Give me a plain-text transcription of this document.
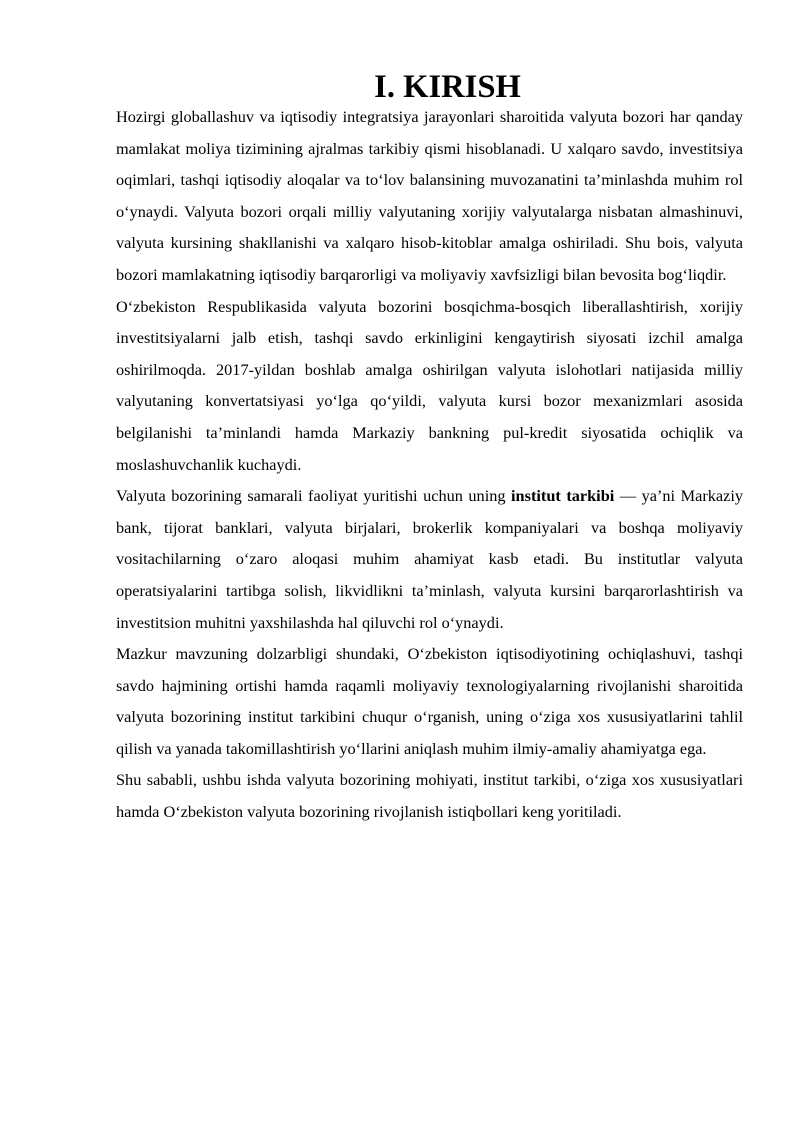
I. KIRISH

Hozirgi globallashuv va iqtisodiy integratsiya jarayonlari sharoitida valyuta bozori har qanday mamlakat moliya tizimining ajralmas tarkibiy qismi hisoblanadi. U xalqaro savdo, investitsiya oqimlari, tashqi iqtisodiy aloqalar va to‘lov balansining muvozanatini ta’minlashda muhim rol o‘ynaydi. Valyuta bozori orqali milliy valyutaning xorijiy valyutalarga nisbatan almashinuvi, valyuta kursining shakllanishi va xalqaro hisob-kitoblar amalga oshiriladi. Shu bois, valyuta bozori mamlakatning iqtisodiy barqarorligi va moliyaviy xavfsizligi bilan bevosita bog‘liqdir.

O‘zbekiston Respublikasida valyuta bozorini bosqichma-bosqich liberallashtirish, xorijiy investitsiyalarni jalb etish, tashqi savdo erkinligini kengaytirish siyosati izchil amalga oshirilmoqda. 2017-yildan boshlab amalga oshirilgan valyuta islohotlari natijasida milliy valyutaning konvertatsiyasi yo‘lga qo‘yildi, valyuta kursi bozor mexanizmlari asosida belgilanishi ta’minlandi hamda Markaziy bankning pul-kredit siyosatida ochiqlik va moslashuvchanlik kuchaydi.

Valyuta bozorining samarali faoliyat yuritishi uchun uning institut tarkibi — ya’ni Markaziy bank, tijorat banklari, valyuta birjalari, brokerlik kompaniyalari va boshqa moliyaviy vositachilarning o‘zaro aloqasi muhim ahamiyat kasb etadi. Bu institutlar valyuta operatsiyalarini tartibga solish, likvidlikni ta’minlash, valyuta kursini barqarorlashtirish va investitsion muhitni yaxshilashda hal qiluvchi rol o‘ynaydi.

Mazkur mavzuning dolzarbligi shundaki, O‘zbekiston iqtisodiyotining ochiqlashuvi, tashqi savdo hajmining ortishi hamda raqamli moliyaviy texnologiyalarning rivojlanishi sharoitida valyuta bozorining institut tarkibini chuqur o‘rganish, uning o‘ziga xos xususiyatlarini tahlil qilish va yanada takomillashtirish yo‘llarini aniqlash muhim ilmiy-amaliy ahamiyatga ega.

Shu sababli, ushbu ishda valyuta bozorining mohiyati, institut tarkibi, o‘ziga xos xususiyatlari hamda O‘zbekiston valyuta bozorining rivojlanish istiqbollari keng yoritiladi.
